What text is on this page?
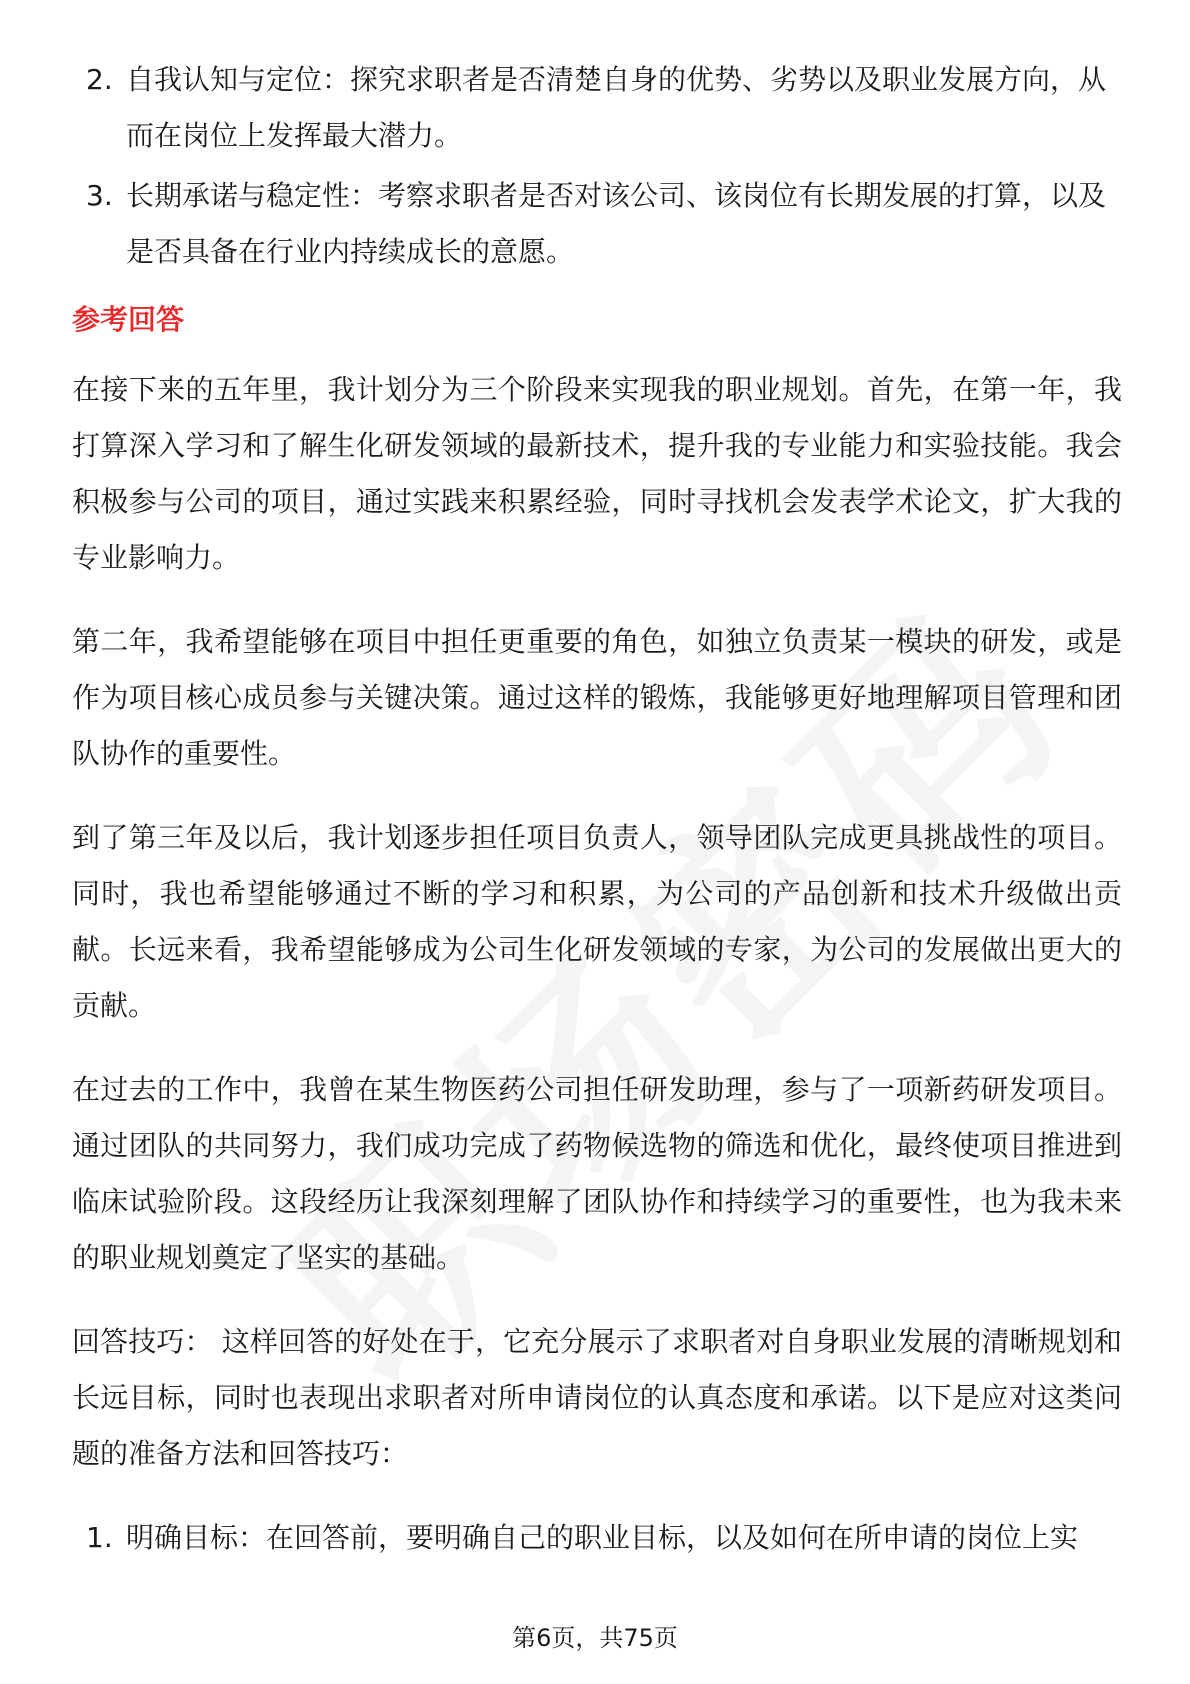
2. 自我认知与定位：探究求职者是否清楚自身的优势、劣势以及职业发展方向，从而在岗位上发挥最大潜力。
3. 长期承诺与稳定性：考察求职者是否对该公司、该岗位有长期发展的打算，以及是否具备在行业内持续成长的意愿。
参考回答

在接下来的五年里，我计划分为三个阶段来实现我的职业规划。首先，在第一年，我打算深入学习和了解生化研发领域的最新技术，提升我的专业能力和实验技能。我会积极参与公司的项目，通过实践来积累经验，同时寻找机会发表学术论文，扩大我的专业影响力。

第二年，我希望能够在项目中担任更重要的角色，如独立负责某一模块的研发，或是作为项目核心成员参与关键决策。通过这样的锻炼，我能够更好地理解项目管理和团队协作的重要性。

到了第三年及以后，我计划逐步担任项目负责人，领导团队完成更具挑战性的项目。同时，我也希望能够通过不断的学习和积累，为公司的产品创新和技术升级做出贡献。长远来看，我希望能够成为公司生化研发领域的专家，为公司的发展做出更大的贡献。

在过去的工作中，我曾在某生物医药公司担任研发助理，参与了一项新药研发项目。通过团队的共同努力，我们成功完成了药物候选物的筛选和优化，最终使项目推进到临床试验阶段。这段经历让我深刻理解了团队协作和持续学习的重要性，也为我未来的职业规划奠定了坚实的基础。

回答技巧： 这样回答的好处在于，它充分展示了求职者对自身职业发展的清晰规划和长远目标，同时也表现出求职者对所申请岗位的认真态度和承诺。以下是应对这类问题的准备方法和回答技巧：

1. 明确目标：在回答前，要明确自己的职业目标，以及如何在所申请的岗位上实
第6页，共75页
